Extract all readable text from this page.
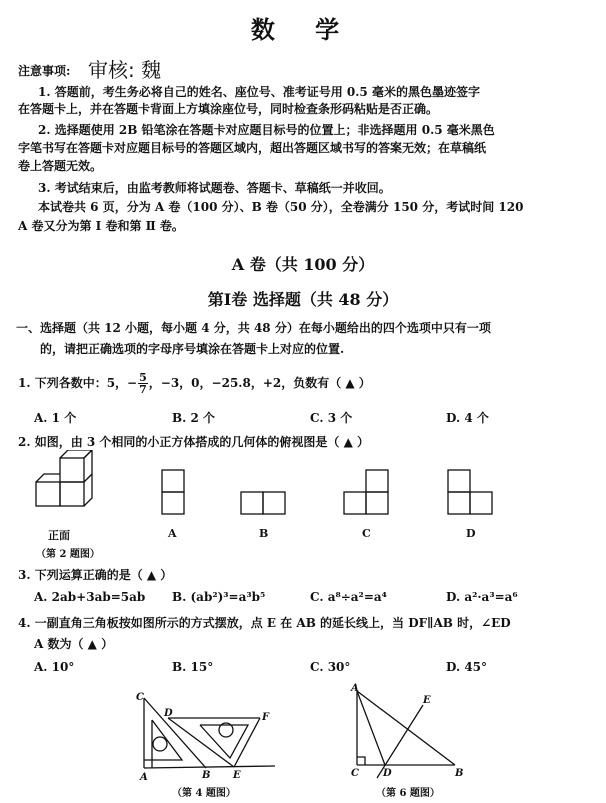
数 学
注意事项: 审核: 魏
1. 答题前，考生务必将自己的姓名、座位号、准考证号用 0.5 毫米的黑色墨迹签字
在答题卡上，并在答题卡背面上方填涂座位号，同时检查条形码粘贴是否正确。
2. 选择题使用 2B 铅笔涂在答题卡对应题目标号的位置上；非选择题用 0.5 毫米黑色
字笔书写在答题卡对应题目标号的答题区域内，超出答题区域书写的答案无效；在草稿纸
卷上答题无效。
3. 考试结束后，由监考教师将试题卷、答题卡、草稿纸一并收回。
本试卷共 6 页，分为 A 卷（100 分）、B 卷（50 分），全卷满分 150 分，考试时间 120
A 卷又分为第 Ⅰ 卷和第 Ⅱ 卷。
A 卷（共 100 分）
第Ⅰ卷 选择题（共 48 分）
一、选择题（共 12 小题，每小题 4 分，共 48 分）在每小题给出的四个选项中只有一项
的，请把正确选项的字母序号填涂在答题卡上对应的位置.
1. 下列各数中：5，− $\frac{5}{7}$ ，−3，0，−25.8，+2，负数有（ ▲ ）
A. 1 个	B. 2 个	C. 3 个	D. 4 个
2. 如图，由 3 个相同的小正方体搭成的几何体的俯视图是（ ▲ ）
正面
（第 2 题图）
A	B	C	D
3. 下列运算正确的是（ ▲ ）
A. 2ab+3ab=5ab B. (ab²)³=a³b⁵	C. a⁸÷a²=a⁴	D. a²·a³=a⁶
4. 一副直角三角板按如图所示的方式摆放，点 E 在 AB 的延长线上，当 DF∥AB 时，∠ED
A 数为（ ▲ ）
A. 10°	B. 15°	C. 30°	D. 45°
C
D	F
A	B E
（第 4 题图）
A
E
C D	B
（第 6 题图）
